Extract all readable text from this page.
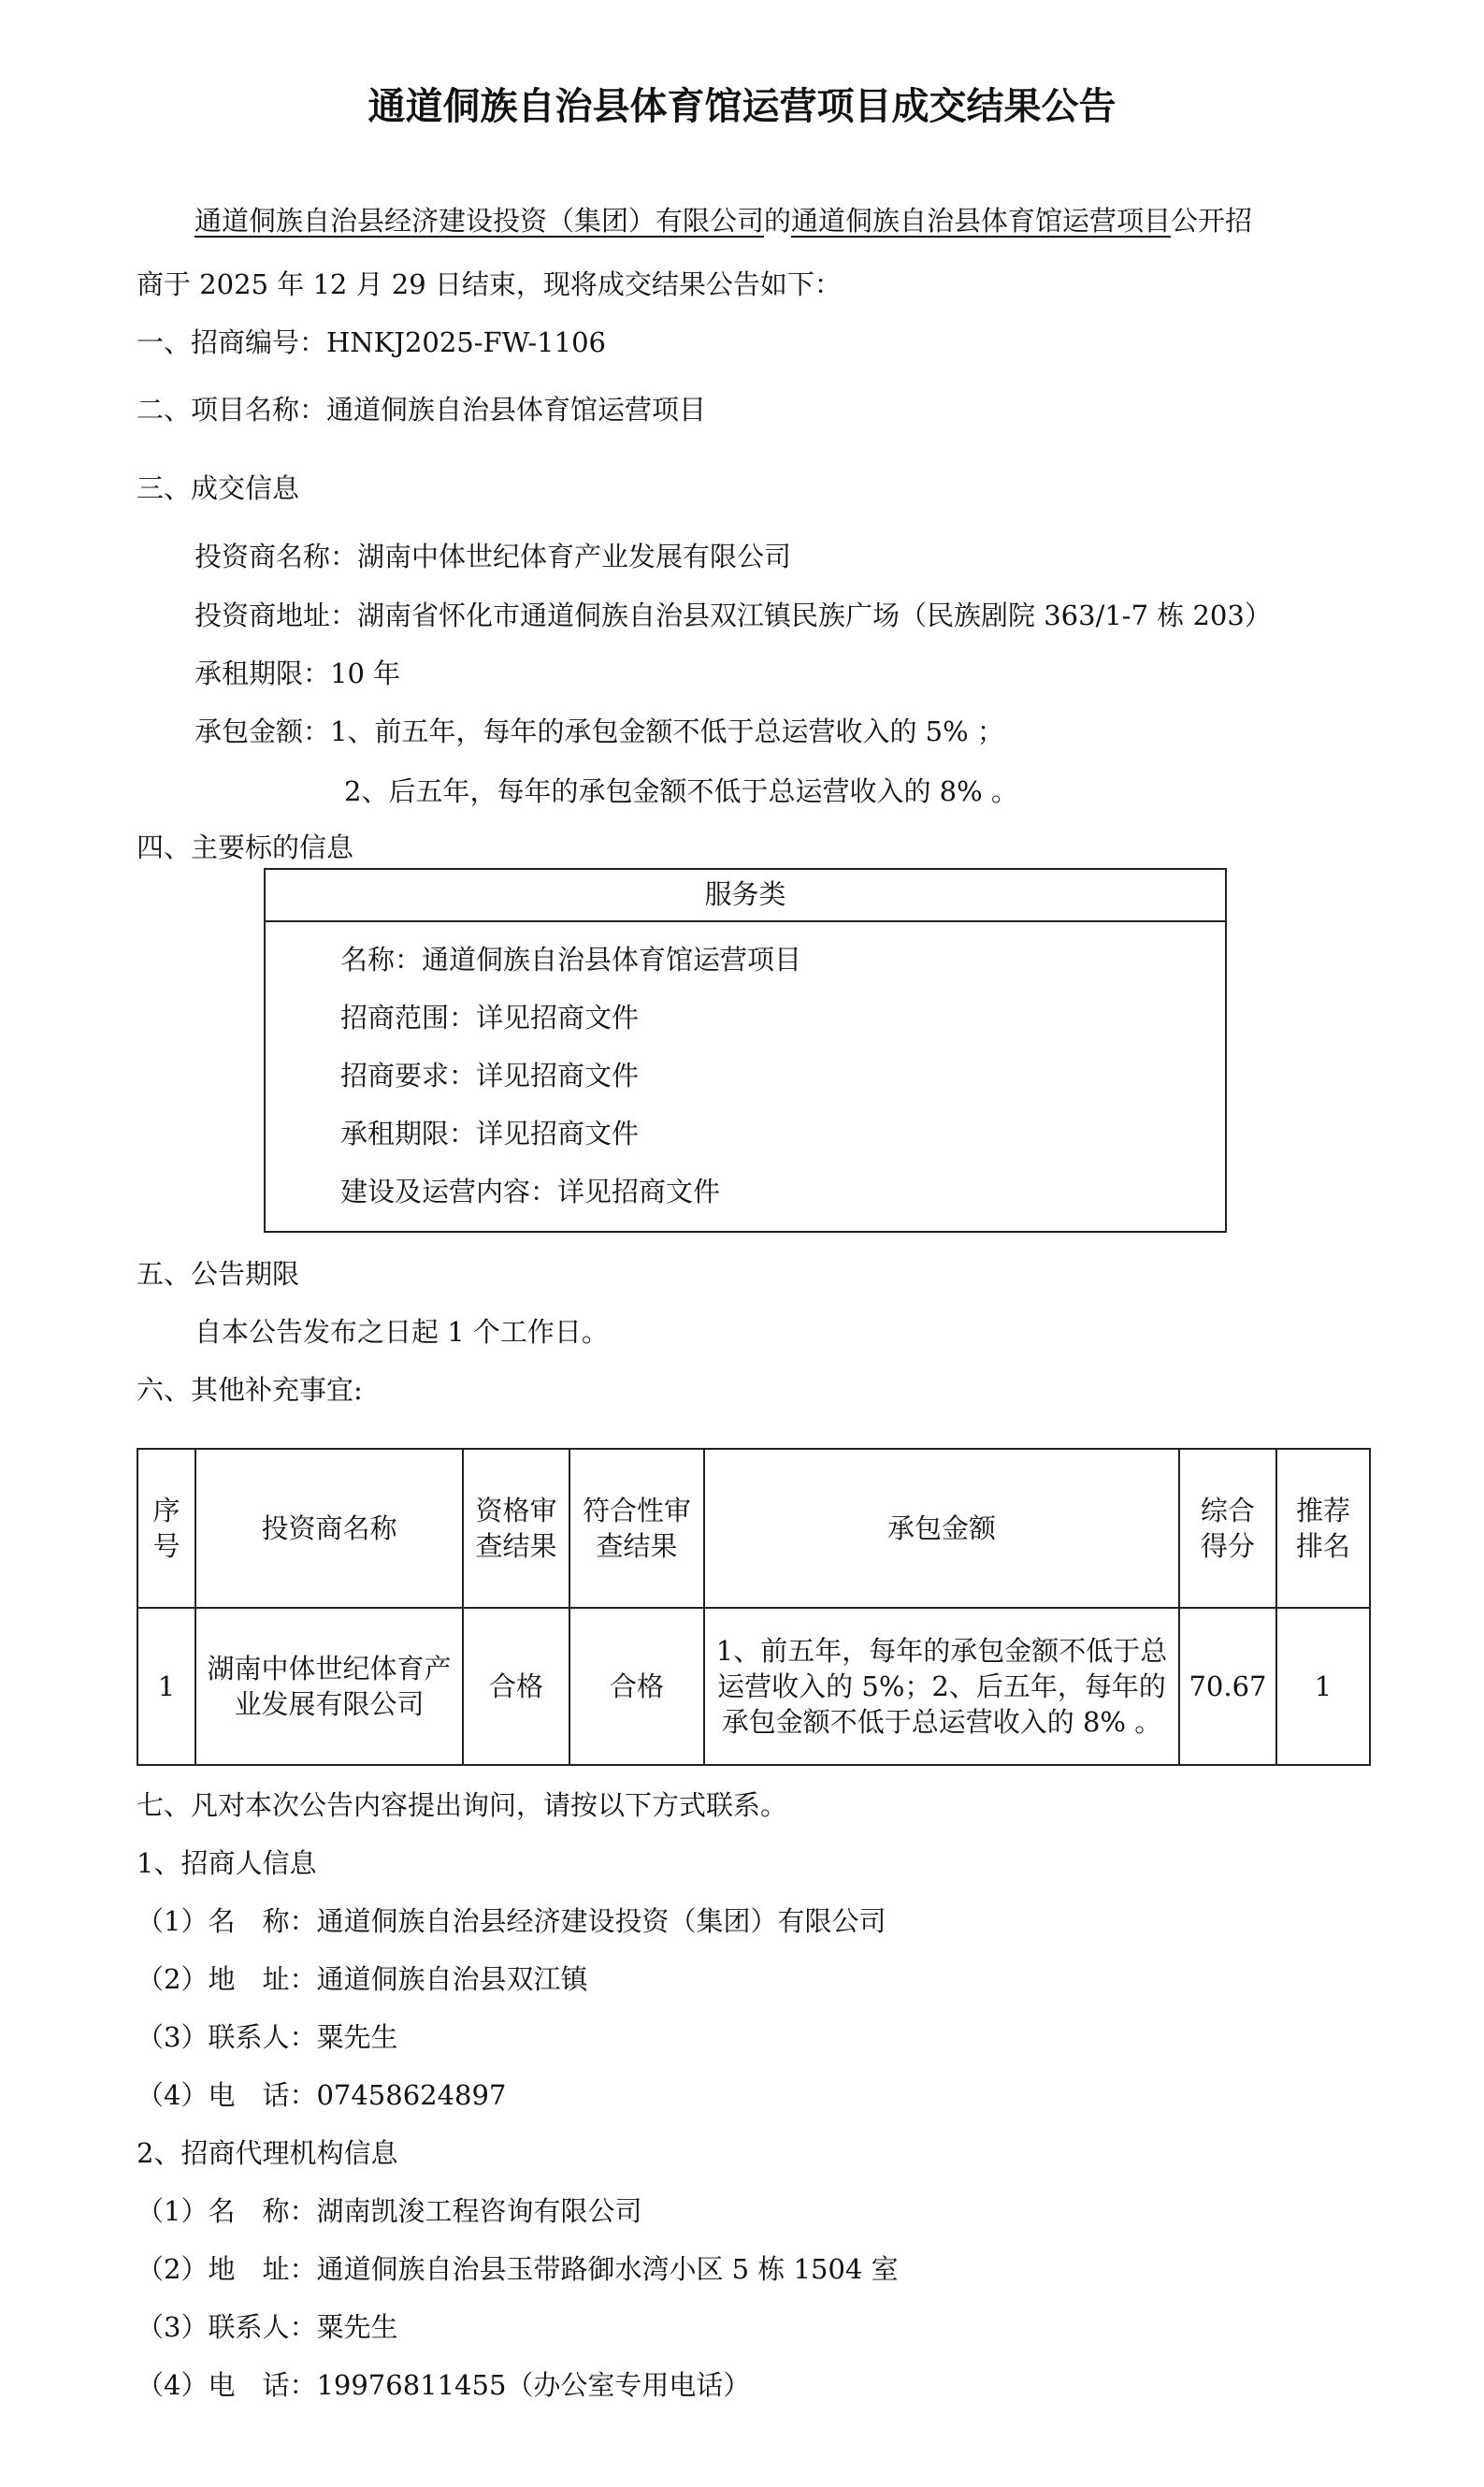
通道侗族自治县体育馆运营项目成交结果公告
通道侗族自治县经济建设投资（集团）有限公司的通道侗族自治县体育馆运营项目公开招
商于 2025 年 12 月 29 日结束，现将成交结果公告如下：
一、招商编号：HNKJ2025-FW-1106
二、项目名称：通道侗族自治县体育馆运营项目
三、成交信息
投资商名称：湖南中体世纪体育产业发展有限公司
投资商地址：湖南省怀化市通道侗族自治县双江镇民族广场（民族剧院 363/1-7 栋 203）
承租期限：10 年
承包金额：1、前五年，每年的承包金额不低于总运营收入的 5% ；
2、后五年，每年的承包金额不低于总运营收入的 8% 。
四、主要标的信息
服务类
名称：通道侗族自治县体育馆运营项目
招商范围：详见招商文件
招商要求：详见招商文件
承租期限：详见招商文件
建设及运营内容：详见招商文件
五、公告期限
自本公告发布之日起 1 个工作日。
六、其他补充事宜:
序号	投资商名称	资格审查结果	符合性审查结果	承包金额	综合得分	推荐排名
1	湖南中体世纪体育产业发展有限公司	合格	合格	1、前五年，每年的承包金额不低于总运营收入的 5%；2、后五年，每年的承包金额不低于总运营收入的 8% 。	70.67	1
七、凡对本次公告内容提出询问，请按以下方式联系。
1、招商人信息
（1）名　称：通道侗族自治县经济建设投资（集团）有限公司
（2）地　址：通道侗族自治县双江镇
（3）联系人：粟先生
（4）电　话：07458624897
2、招商代理机构信息
（1）名　称：湖南凯浚工程咨询有限公司
（2）地　址：通道侗族自治县玉带路御水湾小区 5 栋 1504 室
（3）联系人：粟先生
（4）电　话：19976811455（办公室专用电话）
